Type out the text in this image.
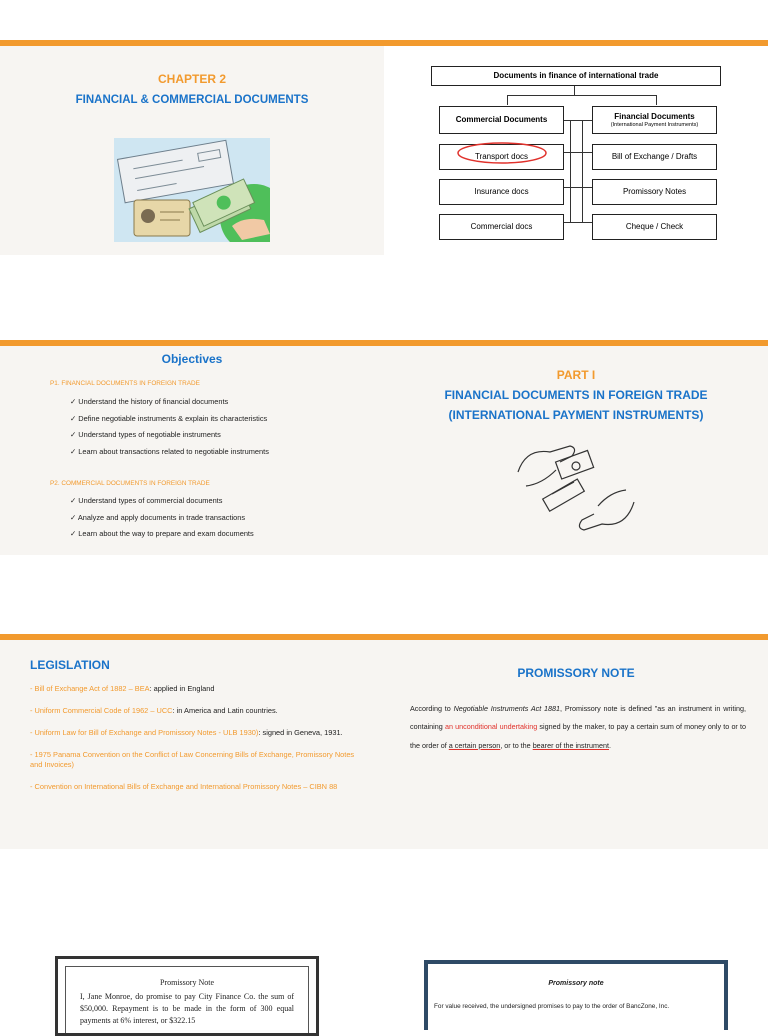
CHAPTER 2
FINANCIAL & COMMERCIAL DOCUMENTS
Documents in finance of international trade
Commercial Documents	Financial Documents
(International Payment Instruments)
Transport docs
Insurance docs
Commercial docs
Bill of Exchange / Drafts
Promissory Notes
Cheque / Check
Objectives
P1. FINANCIAL DOCUMENTS IN FOREIGN TRADE
✓ Understand the history of financial documents
✓ Define negotiable instruments & explain its characteristics
✓ Understand types of negotiable instruments
✓ Learn about transactions related to negotiable instruments
P2. COMMERCIAL DOCUMENTS IN FOREIGN TRADE
✓ Understand types of commercial documents
✓ Analyze and apply documents in trade transactions
✓ Learn about the way to prepare and exam documents
PART I
FINANCIAL DOCUMENTS IN FOREIGN TRADE
(INTERNATIONAL PAYMENT INSTRUMENTS)
LEGISLATION

- Bill of Exchange Act of 1882 – BEA: applied in England

- Uniform Commercial Code of 1962 – UCC: in America and Latin countries.

- Uniform Law for Bill of Exchange and Promissory Notes - ULB 1930): signed in Geneva, 1931.

- 1975 Panama Convention on the Conflict of Law Concerning Bills of Exchange, Promissory Notes and Invoices)

- Convention on International Bills of Exchange and International Promissory Notes – CIBN 88

PROMISSORY NOTE
According to Negotiable Instruments Act 1881, Promissory note is defined "as an instrument in writing, containing an unconditional undertaking signed by the maker, to pay a certain sum of money only to or to the order of a certain person, or to the bearer of the instrument.
Promissory Note
I, Jane Monroe, do promise to pay City Finance Co. the sum of $50,000. Repayment is to be made in the form of 300 equal payments at 6% interest, or $322.15
Promissory note
For value received, the undersigned promises to pay to the order of BancZone, Inc.
